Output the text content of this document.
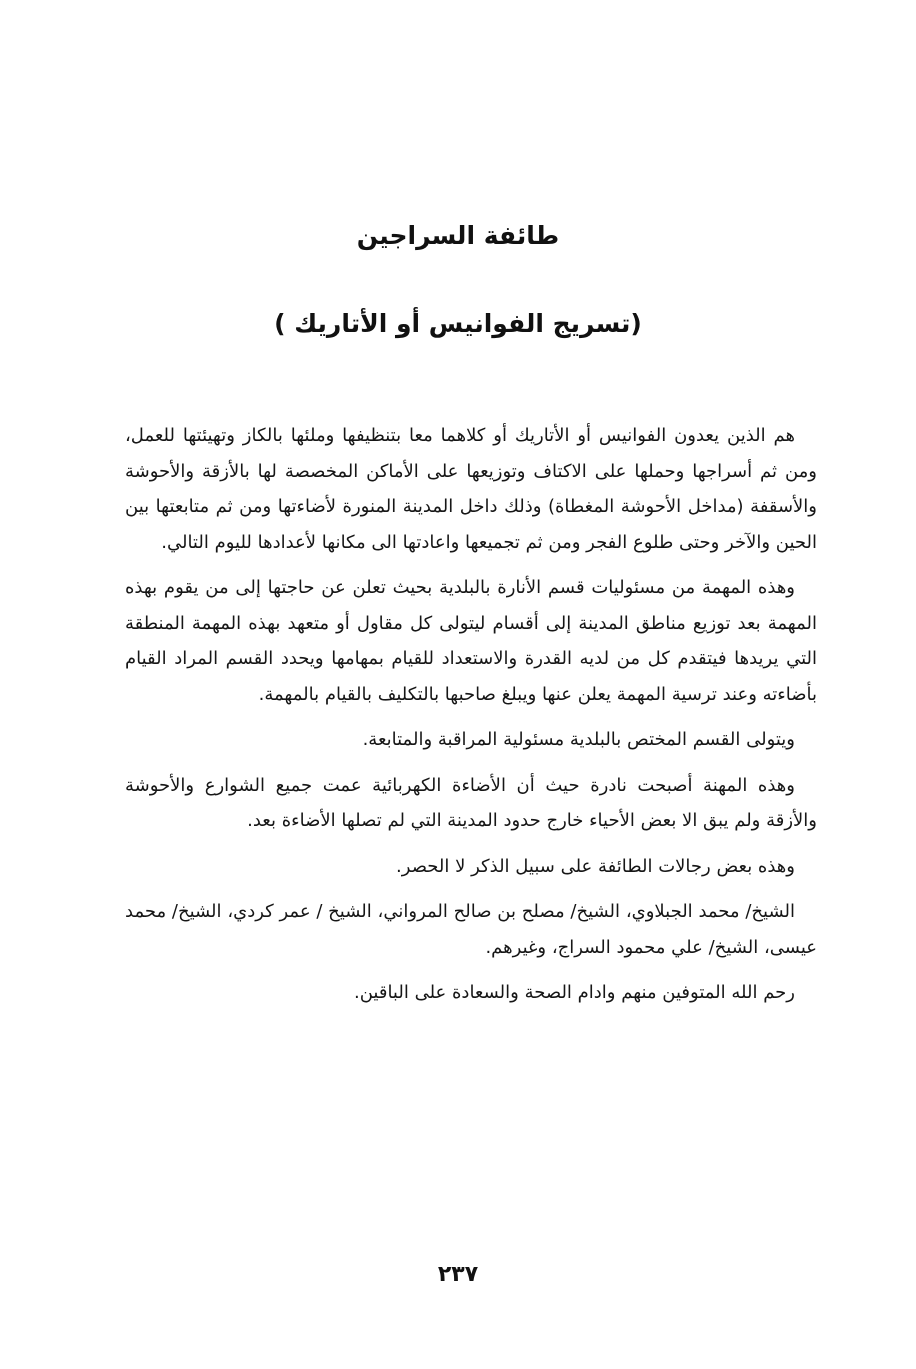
طائفة السراجين
(تسريج الفوانيس أو الأتاريك )

هم الذين يعدون الفوانيس أو الأتاريك أو كلاهما معا بتنظيفها وملئها بالكاز وتهيئتها للعمل، ومن ثم أسراجها وحملها على الاكتاف وتوزيعها على الأماكن المخصصة لها بالأزقة والأحوشة والأسقفة (مداخل الأحوشة المغطاة) وذلك داخل المدينة المنورة لأضاءتها ومن ثم متابعتها بين الحين والآخر وحتى طلوع الفجر ومن ثم تجميعها واعادتها الى مكانها لأعدادها لليوم التالي.

وهذه المهمة من مسئوليات قسم الأنارة بالبلدية بحيث تعلن عن حاجتها إلى من يقوم بهذه المهمة بعد توزيع مناطق المدينة إلى أقسام ليتولى كل مقاول أو متعهد بهذه المهمة المنطقة التي يريدها فيتقدم كل من لديه القدرة والاستعداد للقيام بمهامها ويحدد القسم المراد القيام بأضاءته وعند ترسية المهمة يعلن عنها ويبلغ صاحبها بالتكليف بالقيام بالمهمة.

ويتولى القسم المختص بالبلدية مسئولية المراقبة والمتابعة.

وهذه المهنة أصبحت نادرة حيث أن الأضاءة الكهربائية عمت جميع الشوارع والأحوشة والأزقة ولم يبق الا بعض الأحياء خارج حدود المدينة التي لم تصلها الأضاءة بعد.

وهذه بعض رجالات الطائفة على سبيل الذكر لا الحصر.

الشيخ/ محمد الجبلاوي، الشيخ/ مصلح بن صالح المرواني، الشيخ / عمر كردي، الشيخ/ محمد عيسى، الشيخ/ علي محمود السراج، وغيرهم.

رحم الله المتوفين منهم وادام الصحة والسعادة على الباقين.

٢٣٧
